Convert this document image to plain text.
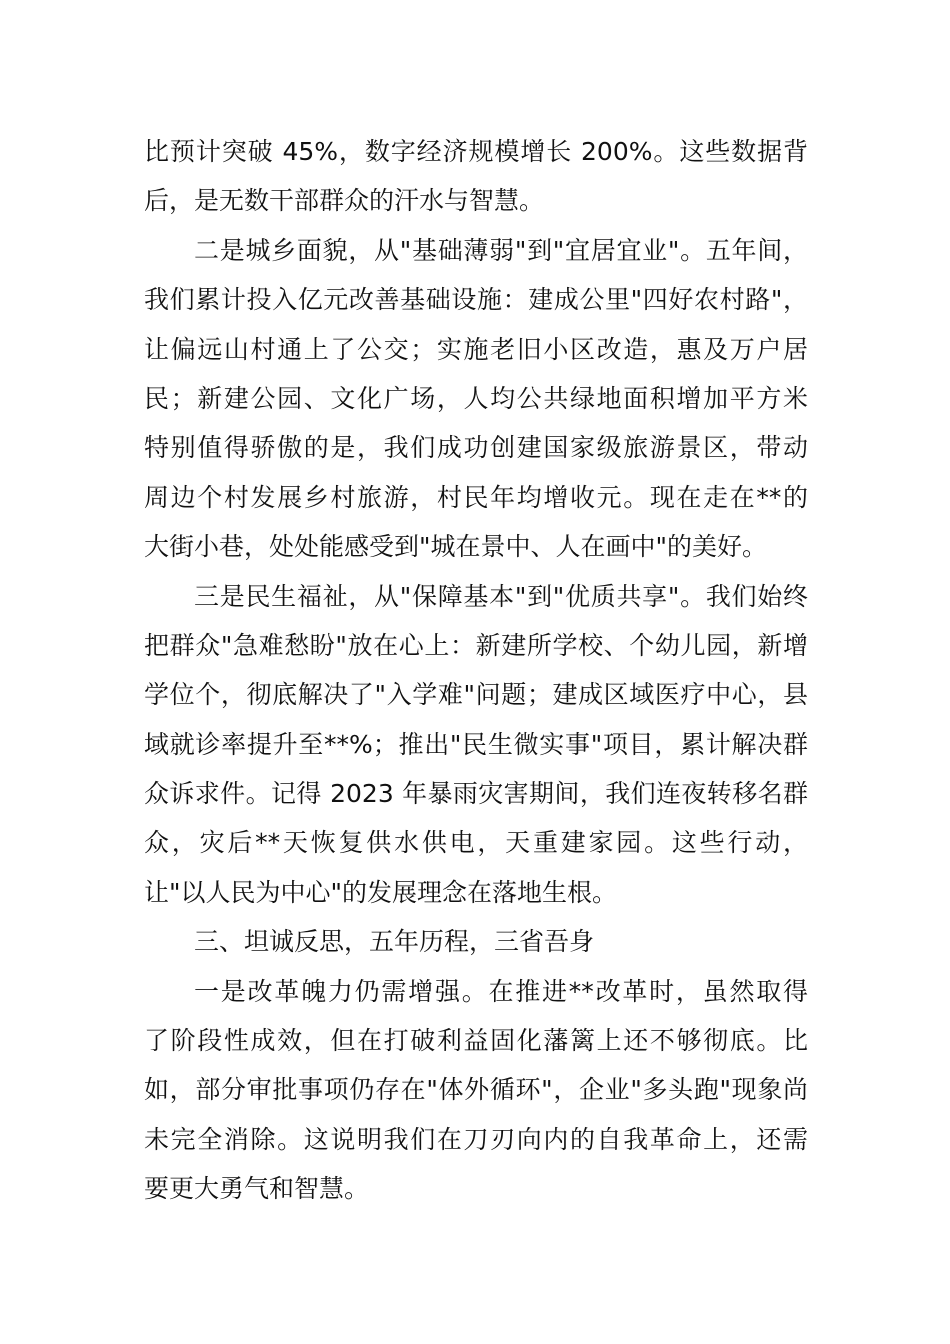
比预计突破 45%，数字经济规模增长 200%。这些数据背
后，是无数干部群众的汗水与智慧。
二是城乡面貌，从"基础薄弱"到"宜居宜业"。五年间，
我们累计投入亿元改善基础设施：建成公里"四好农村路"，
让偏远山村通上了公交；实施老旧小区改造，惠及万户居
民；新建公园、文化广场，人均公共绿地面积增加平方米
特别值得骄傲的是，我们成功创建国家级旅游景区，带动
周边个村发展乡村旅游，村民年均增收元。现在走在**的
大街小巷，处处能感受到"城在景中、人在画中"的美好。
三是民生福祉，从"保障基本"到"优质共享"。我们始终
把群众"急难愁盼"放在心上：新建所学校、个幼儿园，新增
学位个，彻底解决了"入学难"问题；建成区域医疗中心，县
域就诊率提升至**%；推出"民生微实事"项目，累计解决群
众诉求件。记得 2023 年暴雨灾害期间，我们连夜转移名群
众，灾后**天恢复供水供电，天重建家园。这些行动，
让"以人民为中心"的发展理念在落地生根。
三、坦诚反思，五年历程，三省吾身
一是改革魄力仍需增强。在推进**改革时，虽然取得
了阶段性成效，但在打破利益固化藩篱上还不够彻底。比
如，部分审批事项仍存在"体外循环"，企业"多头跑"现象尚
未完全消除。这说明我们在刀刃向内的自我革命上，还需
要更大勇气和智慧。
